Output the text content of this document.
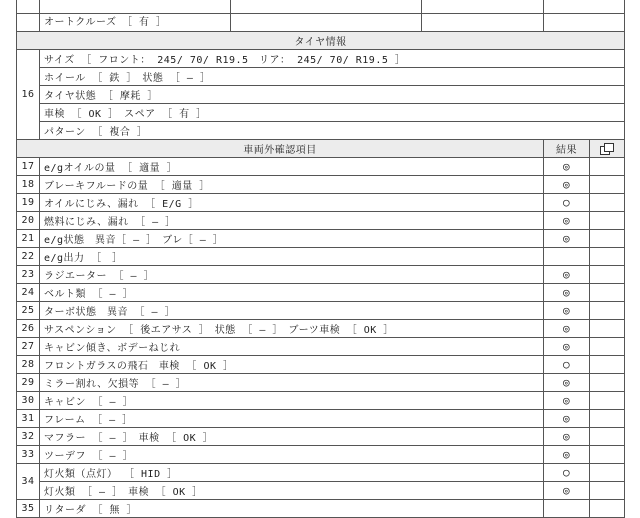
	オートクルーズ　［ 有 ］		

タイヤ情報			
16	サイズ ［ フロント： 245/ 70/ R19.5　リア： 245/ 70/ R19.5 ］		
	ホイール ［ 鉄 ］　状態 ［ ― ］		
	タイヤ状態 ［ 摩耗 ］		
	車検 ［ OK ］　スペア ［ 有 ］		
	パターン ［ 複合 ］		
車両外確認項目		結果	
17	e/gオイルの量 ［ 適量 ］	◎	
18	ブレーキフルードの量 ［ 適量 ］	◎	
19	オイルにじみ、漏れ ［ E/G ］	○	
20	燃料にじみ、漏れ ［ ― ］	◎	
21	e/g状態　異音［ ― ］　ブレ［ ― ］	◎	
22	e/g出力 ［　］		
23	ラジエーター ［ ― ］	◎	
24	ベルト類 ［ ― ］	◎	
25	ターボ状態　異音 ［ ― ］	◎	
26	サスペンション ［ 後エアサス ］　状態 ［ ― ］　ブーツ車検 ［ OK ］	◎	
27	キャビン傾き、ボデーねじれ	◎	
28	フロントガラスの飛石　車検 ［ OK ］	○	
29	ミラー割れ、欠損等 ［ ― ］	◎	
30	キャビン ［ ― ］	◎	
31	フレーム ［ ― ］	◎	
32	マフラー ［ ― ］　車検 ［ OK ］	◎	
33	ツーデフ ［ ― ］	◎	
34	灯火類（点灯） ［ HID ］	○	
	灯火類 ［ ― ］　車検 ［ OK ］	◎	
35	リターダ ［ 無 ］		
